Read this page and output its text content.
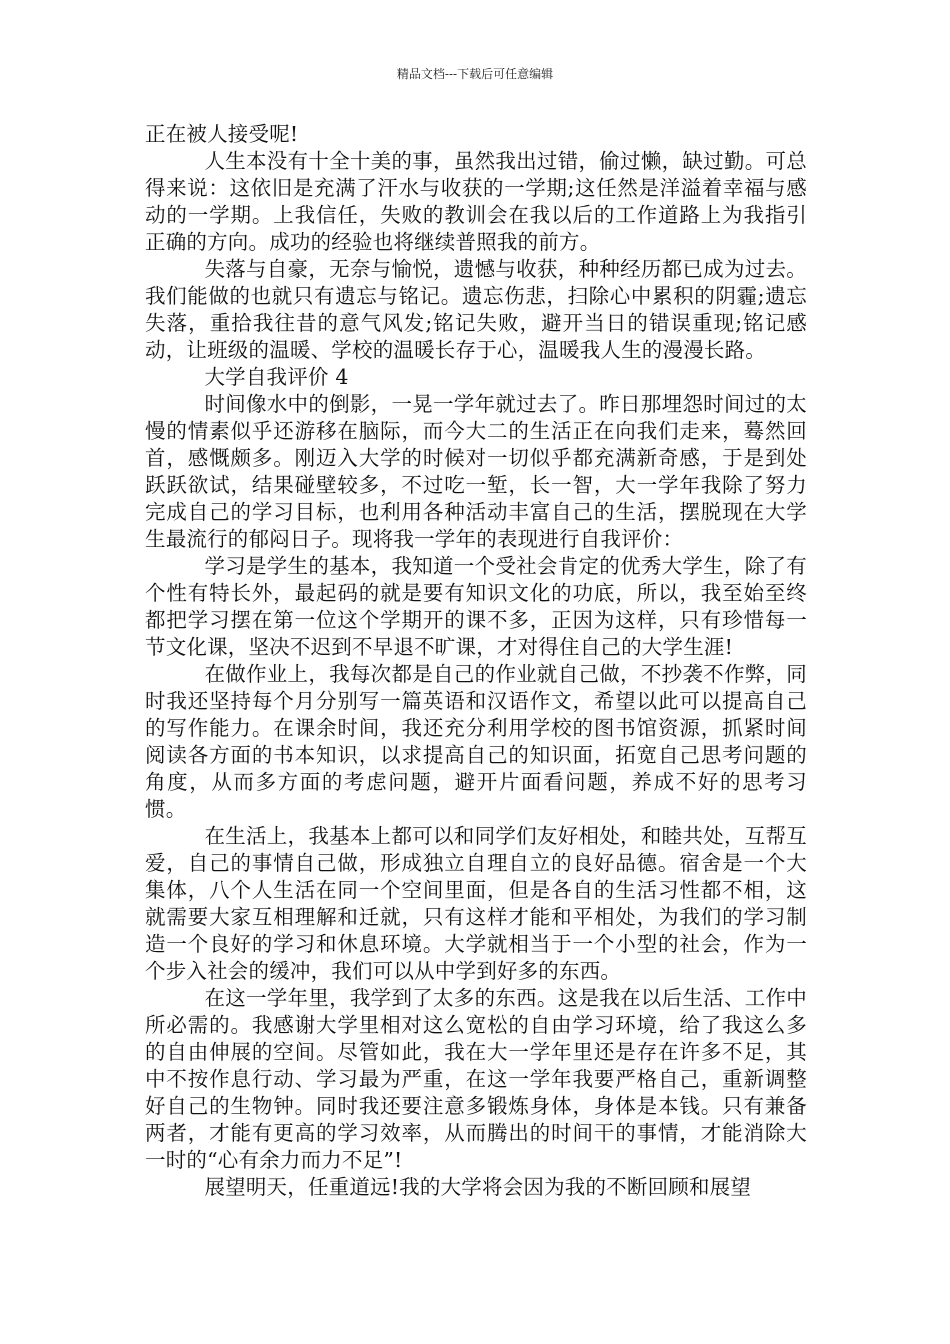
精品文档---下载后可任意编辑

正在被人接受呢!

人生本没有十全十美的事，虽然我出过错，偷过懒，缺过勤。可总得来说：这依旧是充满了汗水与收获的一学期;这任然是洋溢着幸福与感动的一学期。上我信任，失败的教训会在我以后的工作道路上为我指引正确的方向。成功的经验也将继续普照我的前方。

失落与自豪，无奈与愉悦，遗憾与收获，种种经历都已成为过去。我们能做的也就只有遗忘与铭记。遗忘伤悲，扫除心中累积的阴霾;遗忘失落，重拾我往昔的意气风发;铭记失败，避开当日的错误重现;铭记感动，让班级的温暖、学校的温暖长存于心，温暖我人生的漫漫长路。

大学自我评价 4

时间像水中的倒影，一晃一学年就过去了。昨日那埋怨时间过的太慢的情素似乎还游移在脑际，而今大二的生活正在向我们走来，蓦然回首，感慨颇多。刚迈入大学的时候对一切似乎都充满新奇感，于是到处跃跃欲试，结果碰壁较多，不过吃一堑，长一智，大一学年我除了努力完成自己的学习目标，也利用各种活动丰富自己的生活，摆脱现在大学生最流行的郁闷日子。现将我一学年的表现进行自我评价：

学习是学生的基本，我知道一个受社会肯定的优秀大学生，除了有个性有特长外，最起码的就是要有知识文化的功底，所以，我至始至终都把学习摆在第一位这个学期开的课不多，正因为这样，只有珍惜每一节文化课，坚决不迟到不早退不旷课，才对得住自己的大学生涯!

在做作业上，我每次都是自己的作业就自己做，不抄袭不作弊，同时我还坚持每个月分别写一篇英语和汉语作文，希望以此可以提高自己的写作能力。在课余时间，我还充分利用学校的图书馆资源，抓紧时间阅读各方面的书本知识，以求提高自己的知识面，拓宽自己思考问题的角度，从而多方面的考虑问题，避开片面看问题，养成不好的思考习惯。

在生活上，我基本上都可以和同学们友好相处，和睦共处，互帮互爱，自己的事情自己做，形成独立自理自立的良好品德。宿舍是一个大集体，八个人生活在同一个空间里面，但是各自的生活习性都不相，这就需要大家互相理解和迁就，只有这样才能和平相处，为我们的学习制造一个良好的学习和休息环境。大学就相当于一个小型的社会，作为一个步入社会的缓冲，我们可以从中学到好多的东西。

在这一学年里，我学到了太多的东西。这是我在以后生活、工作中所必需的。我感谢大学里相对这么宽松的自由学习环境，给了我这么多的自由伸展的空间。尽管如此，我在大一学年里还是存在许多不足，其中不按作息行动、学习最为严重，在这一学年我要严格自己，重新调整好自己的生物钟。同时我还要注意多锻炼身体，身体是本钱。只有兼备两者，才能有更高的学习效率，从而腾出的时间干的事情，才能消除大一时的“心有余力而力不足”!

展望明天，任重道远!我的大学将会因为我的不断回顾和展望
